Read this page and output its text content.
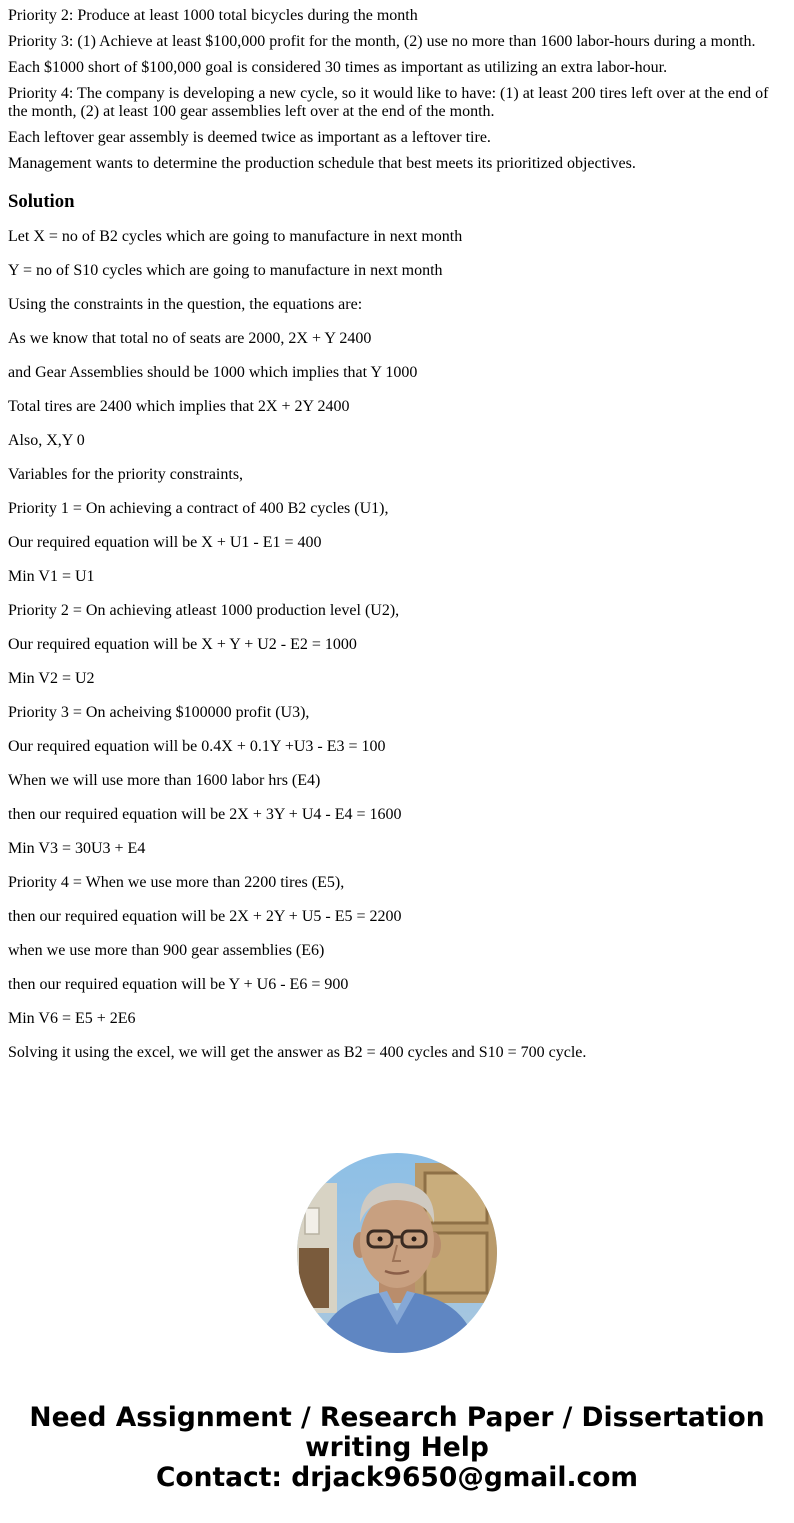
Priority 2: Produce at least 1000 total bicycles during the month

Priority 3: (1) Achieve at least $100,000 profit for the month, (2) use no more than 1600 labor-hours during a month.

Each $1000 short of $100,000 goal is considered 30 times as important as utilizing an extra labor-hour.

Priority 4: The company is developing a new cycle, so it would like to have: (1) at least 200 tires left over at the end of the month, (2) at least 100 gear assemblies left over at the end of the month.

Each leftover gear assembly is deemed twice as important as a leftover tire.

Management wants to determine the production schedule that best meets its prioritized objectives.

Solution

Let X = no of B2 cycles which are going to manufacture in next month

Y = no of S10 cycles which are going to manufacture in next month

Using the constraints in the question, the equations are:

As we know that total no of seats are 2000, 2X + Y 2400

and Gear Assemblies should be 1000 which implies that Y 1000

Total tires are 2400 which implies that 2X + 2Y 2400

Also, X,Y 0

Variables for the priority constraints,

Priority 1 = On achieving a contract of 400 B2 cycles (U1),

Our required equation will be X + U1 - E1 = 400

Min V1 = U1

Priority 2 = On achieving atleast 1000 production level (U2),

Our required equation will be X + Y + U2 - E2 = 1000

Min V2 = U2

Priority 3 = On acheiving $100000 profit (U3),

Our required equation will be 0.4X + 0.1Y +U3 - E3 = 100

When we will use more than 1600 labor hrs (E4)

then our required equation will be 2X + 3Y + U4 - E4 = 1600

Min V3 = 30U3 + E4

Priority 4 = When we use more than 2200 tires (E5),

then our required equation will be 2X + 2Y + U5 - E5 = 2200

when we use more than 900 gear assemblies (E6)

then our required equation will be Y + U6 - E6 = 900

Min V6 = E5 + 2E6

Solving it using the excel, we will get the answer as B2 = 400 cycles and S10 = 700 cycle.

Need Assignment / Research Paper / Dissertation
writing Help
Contact: drjack9650@gmail.com
